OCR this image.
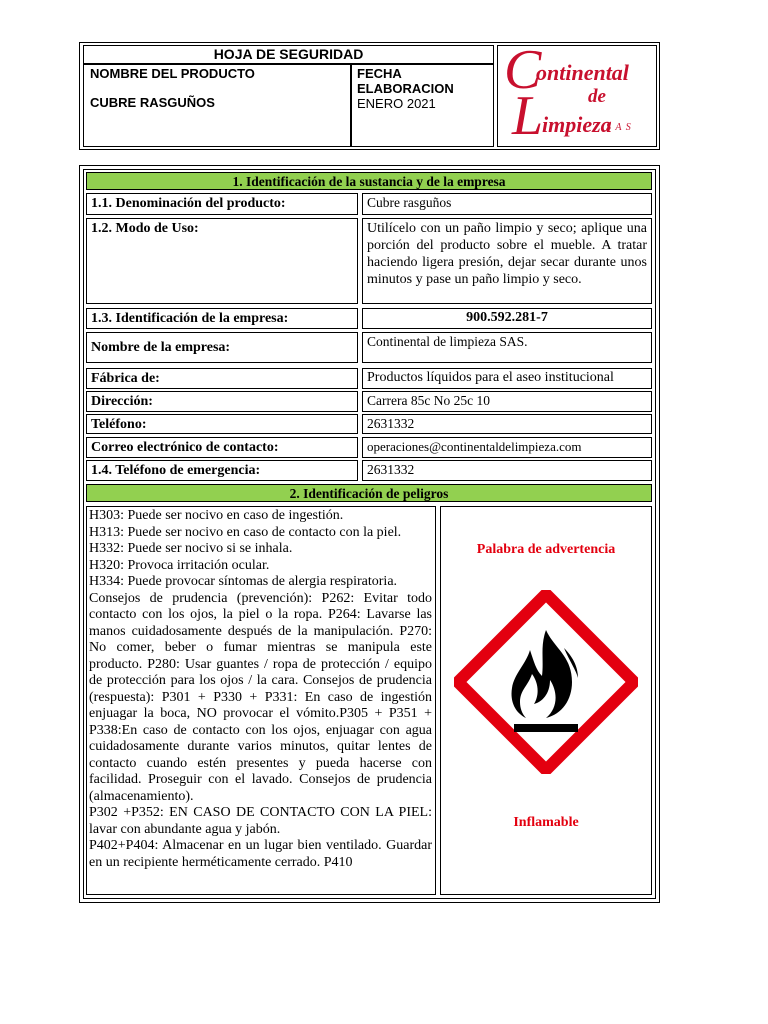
HOJA DE SEGURIDAD
NOMBRE DEL PRODUCTO
CUBRE RASGUÑOS
FECHA
ELABORACION
ENERO 2021
C
ontinental
de
L
impieza
S A S
1. Identificación de la sustancia y de la empresa
1.1. Denominación del producto:	Cubre rasguños
1.2. Modo de Uso:	Utilícelo con un paño limpio y seco; aplique una porción del producto sobre el mueble. A tratar haciendo ligera presión, dejar secar durante unos minutos y pase un paño limpio y seco.
1.3. Identificación de la empresa:	900.592.281-7
Nombre de la empresa:	Continental de limpieza SAS.
Fábrica de:	Productos líquidos para el aseo institucional
Dirección:	Carrera 85c No 25c 10
Teléfono:	2631332
Correo electrónico de contacto:	operaciones@continentaldelimpieza.com
1.4. Teléfono de emergencia:	2631332
2. Identificación de peligros
H303: Puede ser nocivo en caso de ingestión.
H313: Puede ser nocivo en caso de contacto con la piel.
H332: Puede ser nocivo si se inhala.
H320: Provoca irritación ocular.
H334: Puede provocar síntomas de alergia respiratoria.
Consejos de prudencia (prevención): P262: Evitar todo contacto con los ojos, la piel o la ropa. P264: Lavarse las manos cuidadosamente después de la manipulación. P270: No comer, beber o fumar mientras se manipula este producto. P280: Usar guantes / ropa de protección / equipo de protección para los ojos / la cara. Consejos de prudencia (respuesta): P301 + P330 + P331: En caso de ingestión enjuagar la boca, NO provocar el vómito.P305 + P351 + P338:En caso de contacto con los ojos, enjuagar con agua cuidadosamente durante varios minutos, quitar lentes de contacto cuando estén presentes y pueda hacerse con facilidad. Proseguir con el lavado. Consejos de prudencia (almacenamiento).
P302 +P352: EN CASO DE CONTACTO CON LA PIEL: lavar con abundante agua y jabón.
P402+P404: Almacenar en un lugar bien ventilado. Guardar en un recipiente herméticamente cerrado. P410
Palabra de advertencia
Inflamable
